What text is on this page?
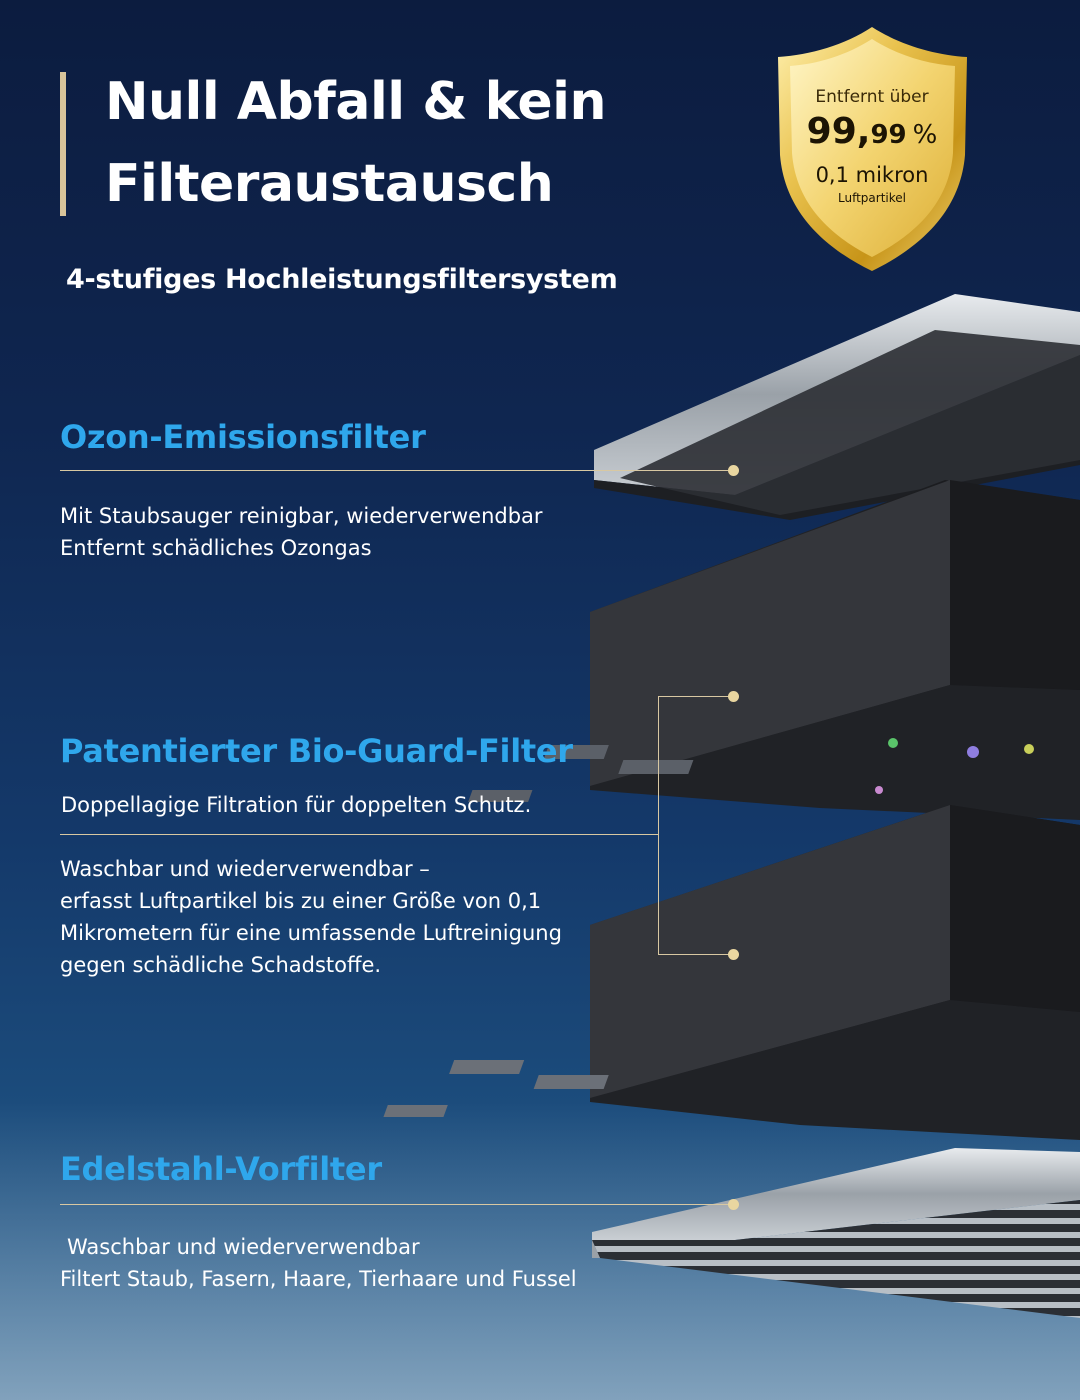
Null Abfall & kein
Filteraustausch
4-stufiges Hochleistungsfiltersystem
Entfernt über
99,99 %
0,1 mikron
Luftpartikel
Ozon-Emissionsfilter
Mit Staubsauger reinigbar, wiederverwendbar
Entfernt schädliches Ozongas
Patentierter Bio-Guard-Filter
Doppellagige Filtration für doppelten Schutz.
Waschbar und wiederverwendbar –
erfasst Luftpartikel bis zu einer Größe von 0,1
Mikrometern für eine umfassende Luftreinigung
gegen schädliche Schadstoffe.
Edelstahl-Vorfilter
Waschbar und wiederverwendbar
Filtert Staub, Fasern, Haare, Tierhaare und Fussel
